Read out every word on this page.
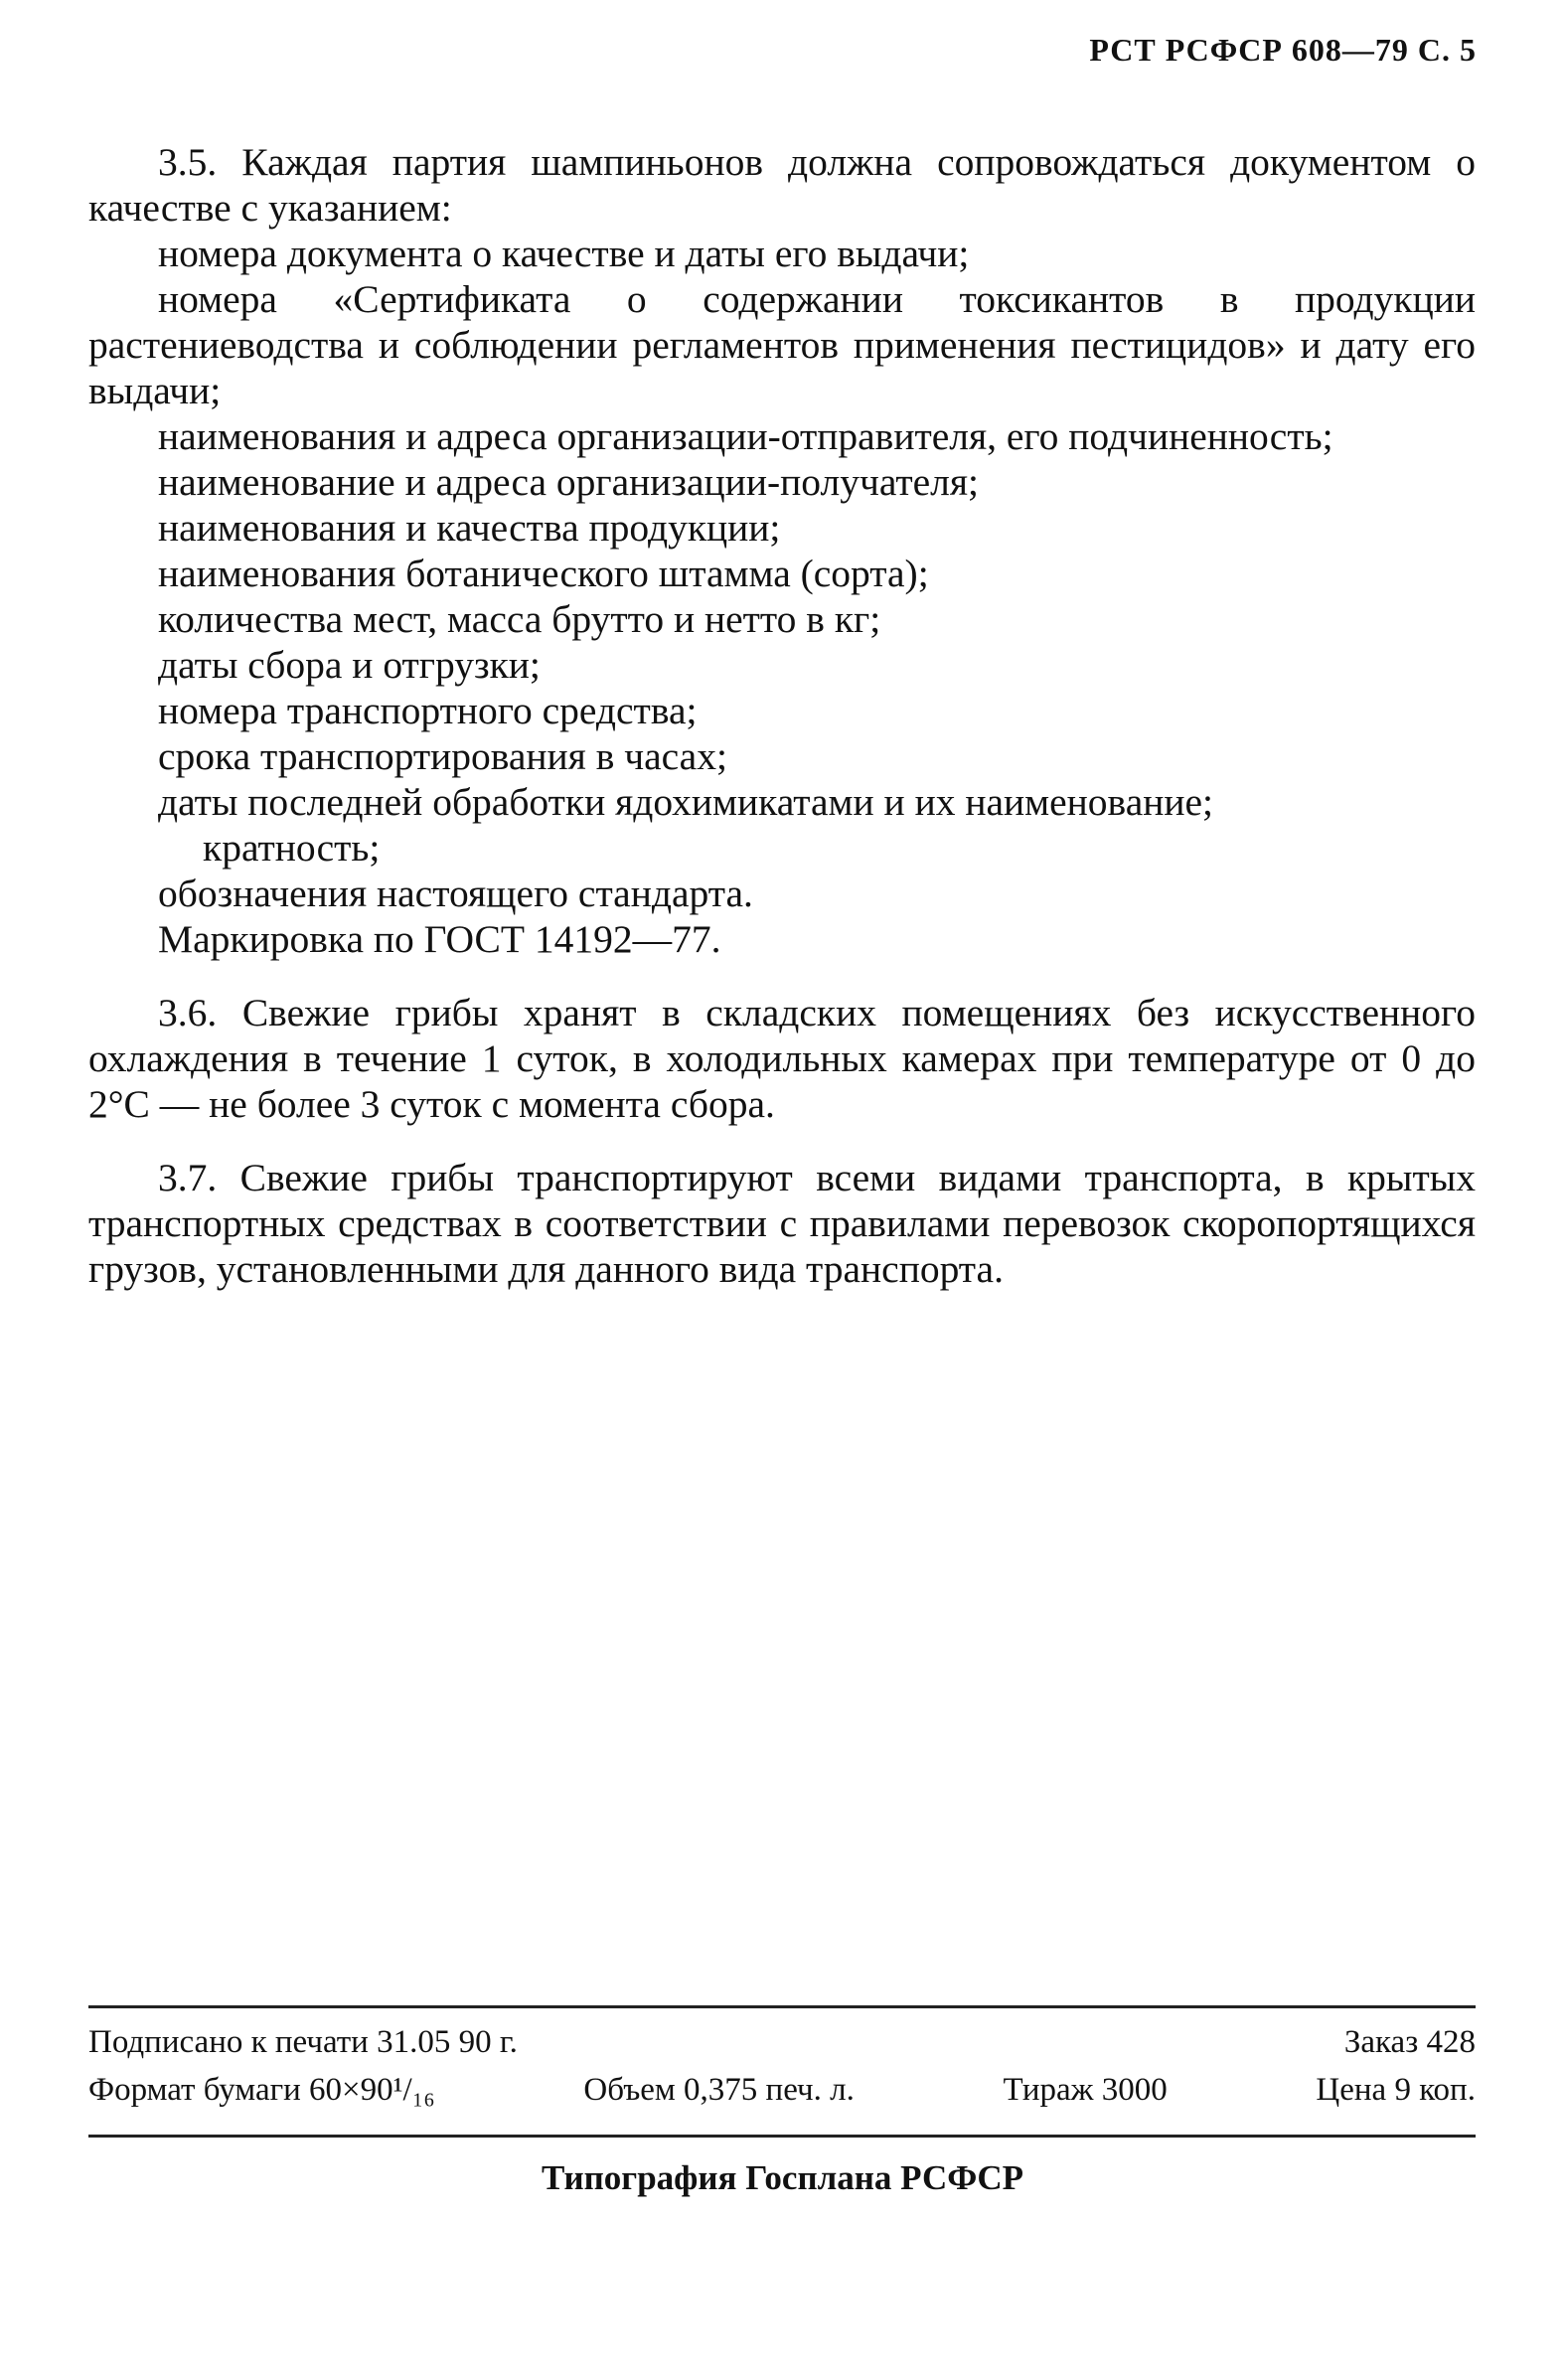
РСТ РСФСР 608—79 С. 5

3.5. Каждая партия шампиньонов должна сопровождаться документом о качестве с указанием:

номера документа о качестве и даты его выдачи;

номера «Сертификата о содержании токсикантов в продукции растениеводства и соблюдении регламентов применения пестицидов» и дату его выдачи;

наименования и адреса организации-отправителя, его подчиненность;

наименование и адреса организации-получателя;

наименования и качества продукции;

наименования ботанического штамма (сорта);

количества мест, масса брутто и нетто в кг;

даты сбора и отгрузки;

номера транспортного средства;

срока транспортирования в часах;

даты последней обработки ядохимикатами и их наименование;

кратность;

обозначения настоящего стандарта.

Маркировка по ГОСТ 14192—77.

3.6. Свежие грибы хранят в складских помещениях без искусственного охлаждения в течение 1 суток, в холодильных камерах при температуре от 0 до 2°С — не более 3 суток с момента сбора.

3.7. Свежие грибы транспортируют всеми видами транспорта, в крытых транспортных средствах в соответствии с правилами перевозок скоропортящихся грузов, установленными для данного вида транспорта.

Подписано к печати 31.05 90 г.	Заказ 428
Формат бумаги 60×90¹/₁₆	Объем 0,375 печ. л.	Тираж 3000	Цена 9 коп.
Типография Госплана РСФСР
